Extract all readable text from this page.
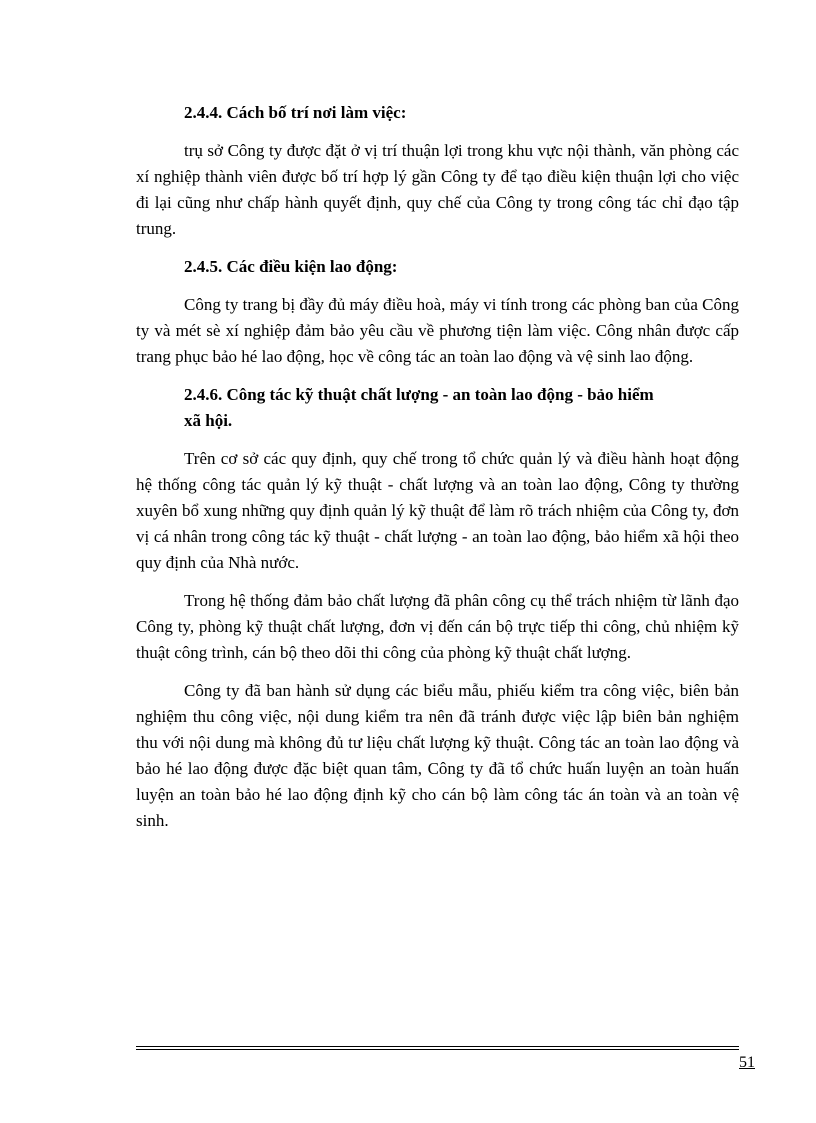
2.4.4. Cách bố trí nơi làm việc:

trụ sở Công ty được đặt ở vị trí thuận lợi trong khu vực nội thành, văn phòng các xí nghiệp thành viên được bố trí hợp lý gần Công ty để tạo điều kiện thuận lợi cho việc đi lại cũng như chấp hành quyết định, quy chế của Công ty trong công tác chỉ đạo tập trung.

2.4.5. Các điều kiện lao động:

Công ty trang bị đầy đủ máy điều hoà, máy vi tính trong các phòng ban của Công ty và mét sè xí nghiệp đảm bảo yêu cầu về phương tiện làm việc. Công nhân được cấp trang phục bảo hé lao động, học về công tác an toàn lao động và vệ sinh lao động.

2.4.6. Công tác kỹ thuật chất lượng - an toàn lao động - bảo hiểm
xã hội.

Trên cơ sở các quy định, quy chế trong tổ chức quản lý và điều hành hoạt động hệ thống công tác quản lý kỹ thuật - chất lượng và an toàn lao động, Công ty thường xuyên bổ xung những quy định quản lý kỹ thuật để làm rõ trách nhiệm của Công ty, đơn vị cá nhân trong công tác kỹ thuật - chất lượng - an toàn lao động, bảo hiểm xã hội theo quy định của Nhà nước.

Trong hệ thống đảm bảo chất lượng đã phân công cụ thể trách nhiệm từ lãnh đạo Công ty, phòng kỹ thuật chất lượng, đơn vị đến cán bộ trực tiếp thi công, chủ nhiệm kỹ thuật công trình, cán bộ theo dõi thi công của phòng kỹ thuật chất lượng.

Công ty đã ban hành sử dụng các biểu mẫu, phiếu kiểm tra công việc, biên bản nghiệm thu công việc, nội dung kiểm tra nên đã tránh được việc lập biên bản nghiệm thu với nội dung mà không đủ tư liệu chất lượng kỹ thuật. Công tác an toàn lao động và bảo hé lao động được đặc biệt quan tâm, Công ty đã tổ chức huấn luyện an toàn huấn luyện an toàn bảo hé lao động định kỹ cho cán bộ làm công tác án toàn và an toàn vệ sinh.

51
